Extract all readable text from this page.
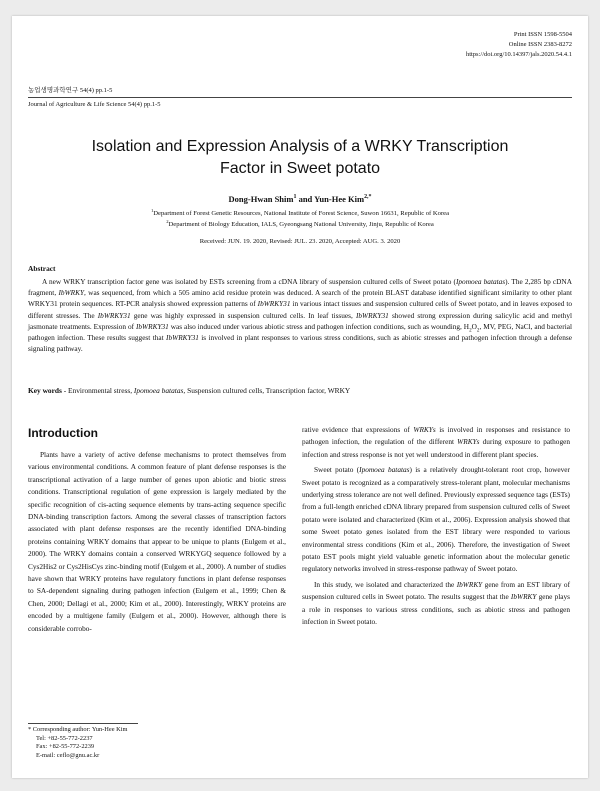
Print ISSN 1598-5504
Online ISSN 2383-8272
https://doi.org/10.14397/jals.2020.54.4.1
농업생명과학연구 54(4) pp.1-5
Journal of Agriculture & Life Science 54(4) pp.1-5
Isolation and Expression Analysis of a WRKY Transcription
Factor in Sweet potato
Dong-Hwan Shim$^1$ and Yun-Hee Kim$^{2,*}$
$^1$Department of Forest Genetic Resources, National Institute of Forest Science, Suwon 16631, Republic of Korea
$^2$Department of Biology Education, IALS, Gyeongsang National University, Jinju, Republic of Korea
Received: JUN. 19. 2020, Revised: JUL. 23. 2020, Accepted: AUG. 3. 2020
Abstract

A new WRKY transcription factor gene was isolated by ESTs screening from a cDNA library of suspension cultured cells of Sweet potato (Ipomoea batatas). The 2,285 bp cDNA fragment, IbWRKY, was sequenced, from which a 505 amino acid residue protein was deduced. A search of the protein BLAST database identified significant similarity to other plant WRKY31 protein sequences. RT-PCR analysis showed expression patterns of IbWRKY31 in various intact tissues and suspension cultured cells of Sweet potato, and in leaves exposed to different stresses. The IbWRKY31 gene was highly expressed in suspension cultured cells. In leaf tissues, IbWRKY31 showed strong expression during salicylic acid and methyl jasmonate treatments. Expression of IbWRKY31 was also induced under various abiotic stress and pathogen infection conditions, such as wounding, $H_2O_2$, MV, PEG, NaCl, and bacterial pathogen infection. These results suggest that IbWRKY31 is involved in plant responses to various stress conditions, such as abiotic stresses and pathogen infection through a defense signaling pathway.

Key words - Environmental stress, Ipomoea batatas, Suspension cultured cells, Transcription factor, WRKY
Introduction

Plants have a variety of active defense mechanisms to protect themselves from various environmental conditions. A common feature of plant defense responses is the transcriptional activation of a large number of genes upon abiotic and biotic stress conditions. Transcriptional regulation of gene expression is largely mediated by the specific recognition of cis-acting sequence elements by trans-acting sequence specific DNA-binding transcription factors. Among the several classes of transcription factors associated with plant defense responses are the recently identified DNA-binding proteins containing WRKY domains that appear to be unique to plants (Eulgem et al., 2000). The WRKY domains contain a conserved WRKYGQ sequence followed by a Cys2His2 or Cys2HisCys zinc-binding motif (Eulgem et al., 2000). A number of studies have shown that WRKY proteins have regulatory functions in plant defense responses to SA-dependent signaling during pathogen infection (Eulgem et al., 1999; Chen & Chen, 2000; Dellagi et al., 2000; Kim et al., 2000). Interestingly, WRKY proteins are encoded by a multigene family (Eulgem et al., 2000). However, although there is considerable corrobo-

rative evidence that expressions of WRKYs is involved in responses and resistance to pathogen infection, the regulation of the different WRKYs during exposure to pathogen infection and stress response is not yet well understood in different plant species.

Sweet potato (Ipomoea batatas) is a relatively drought-tolerant root crop, however Sweet potato is recognized as a comparatively stress-tolerant plant, molecular mechanisms underlying stress tolerance are not well defined. Previously expressed sequence tags (ESTs) from a full-length enriched cDNA library prepared from suspension cultured cells of Sweet potato were isolated and characterized (Kim et al., 2006). Expression analysis showed that some Sweet potato genes isolated from the EST library were responded to various environmental stress conditions (Kim et al., 2006). Therefore, the investigation of Sweet potato EST pools might yield valuable genetic information about the molecular genetic regulatory networks involved in stress-response pathway of Sweet potato.

In this study, we isolated and characterized the IbWRKY gene from an EST library of suspension cultured cells in Sweet potato. The results suggest that the IbWRKY gene plays a role in responses to various stress conditions, such as abiotic stress and pathogen infection in Sweet potato.

* Corresponding author: Yun-Hee Kim
Tel: +82-55-772-2237
Fax: +82-55-772-2239
E-mail: ceflo@gnu.ac.kr
